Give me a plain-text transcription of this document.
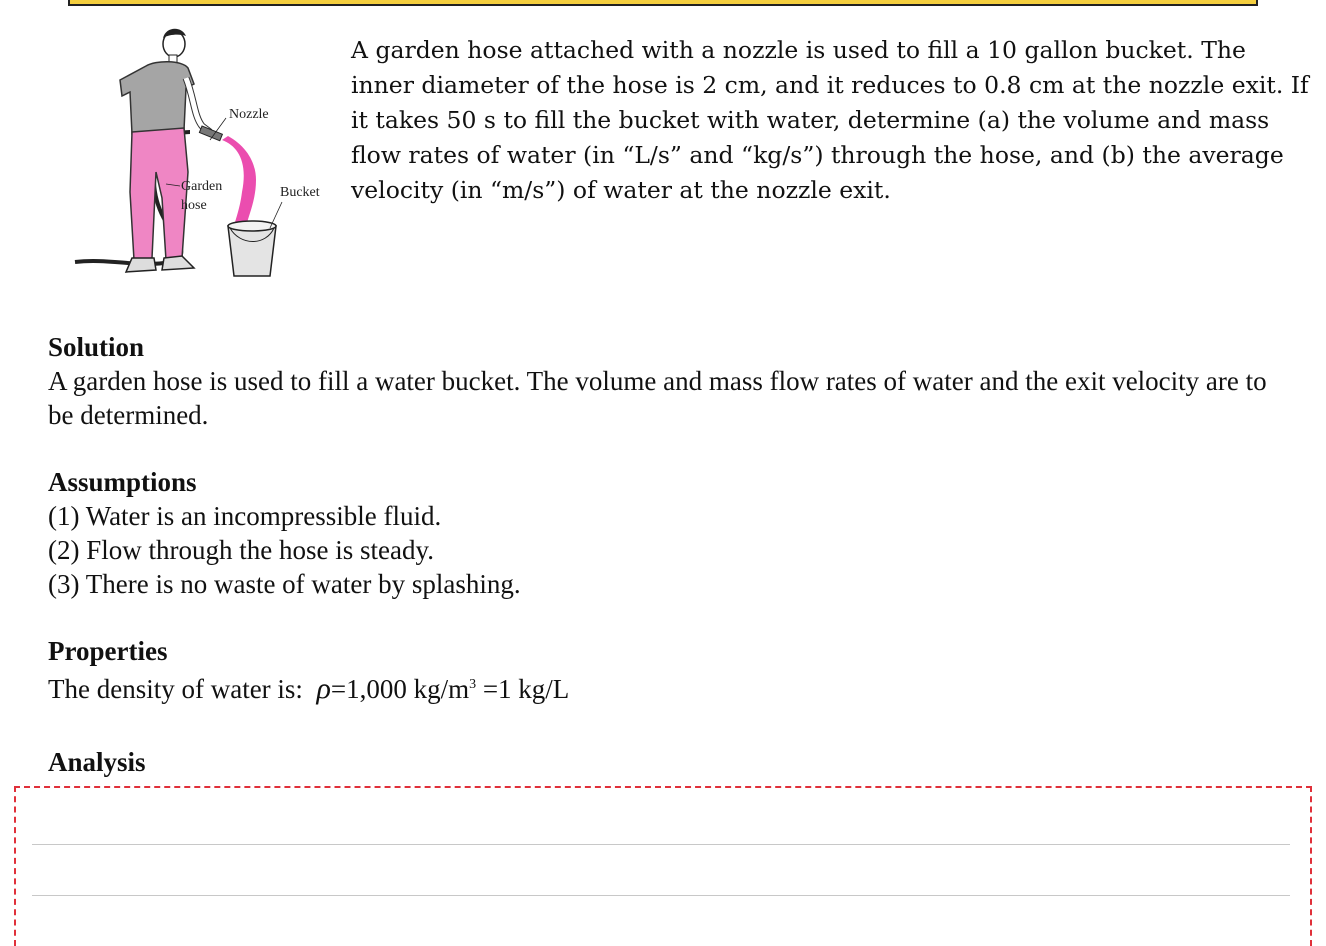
Nozzle
Garden
hose
Bucket
A garden hose attached with a nozzle is used to fill a 10 gallon bucket. The inner diameter of the hose is 2 cm, and it reduces to 0.8 cm at the nozzle exit. If it takes 50 s to fill the bucket with water, determine (a) the volume and mass flow rates of water (in “L/s” and “kg/s”) through the hose, and (b) the average velocity (in “m/s”) of water at the nozzle exit.
Solution

A garden hose is used to fill a water bucket. The volume and mass flow rates of water and the exit velocity are to be determined.

Assumptions

(1) Water is an incompressible fluid.

(2) Flow through the hose is steady.

(3) There is no waste of water by splashing.

Properties

The density of water is: ρ=1,000 $kg/m^3 =1$ kg/L

Analysis
